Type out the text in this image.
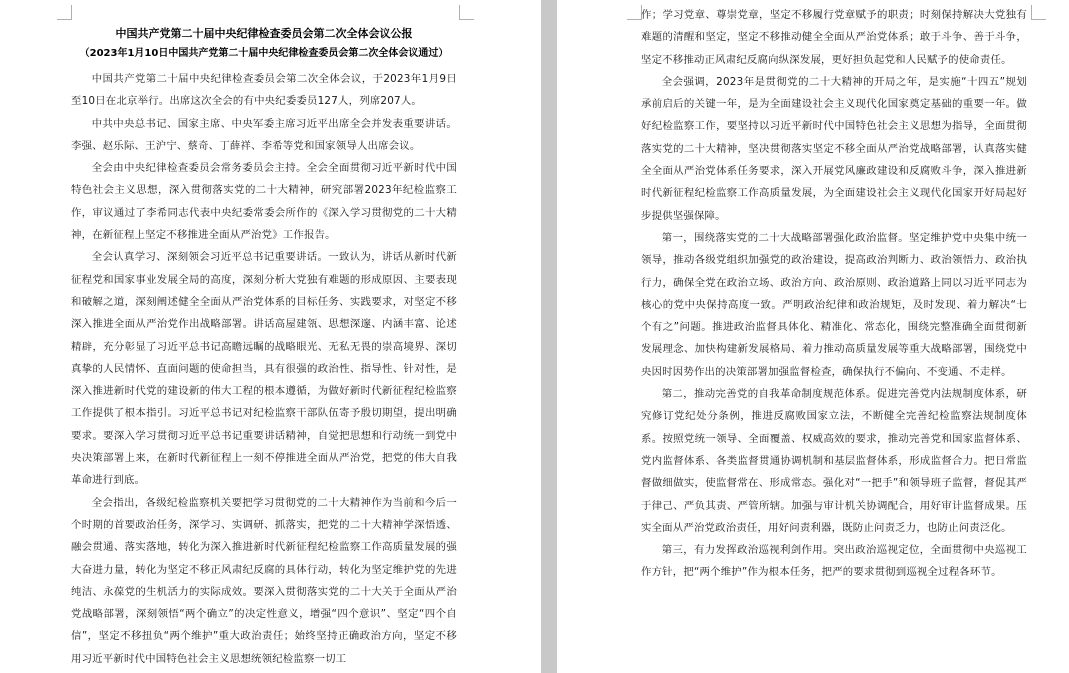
中国共产党第二十届中央纪律检查委员会第二次全体会议公报

（2023年1月10日中国共产党第二十届中央纪律检查委员会第二次全体会议通过）

中国共产党第二十届中央纪律检查委员会第二次全体会议，于2023年1月9日至10日在北京举行。出席这次全会的有中央纪委委员127人，列席207人。

中共中央总书记、国家主席、中央军委主席习近平出席全会并发表重要讲话。李强、赵乐际、王沪宁、蔡奇、丁薛祥、李希等党和国家领导人出席会议。

全会由中央纪律检查委员会常务委员会主持。全会全面贯彻习近平新时代中国特色社会主义思想，深入贯彻落实党的二十大精神，研究部署2023年纪检监察工作，审议通过了李希同志代表中央纪委常委会所作的《深入学习贯彻党的二十大精神，在新征程上坚定不移推进全面从严治党》工作报告。

全会认真学习、深刻领会习近平总书记重要讲话。一致认为，讲话从新时代新征程党和国家事业发展全局的高度，深刻分析大党独有难题的形成原因、主要表现和破解之道，深刻阐述健全全面从严治党体系的目标任务、实践要求，对坚定不移深入推进全面从严治党作出战略部署。讲话高屋建瓴、思想深邃、内涵丰富、论述精辟，充分彰显了习近平总书记高瞻远瞩的战略眼光、无私无畏的崇高境界、深切真挚的人民情怀、直面问题的使命担当，具有很强的政治性、指导性、针对性，是深入推进新时代党的建设新的伟大工程的根本遵循，为做好新时代新征程纪检监察工作提供了根本指引。习近平总书记对纪检监察干部队伍寄予殷切期望，提出明确要求。要深入学习贯彻习近平总书记重要讲话精神，自觉把思想和行动统一到党中央决策部署上来，在新时代新征程上一刻不停推进全面从严治党，把党的伟大自我革命进行到底。

全会指出，各级纪检监察机关要把学习贯彻党的二十大精神作为当前和今后一个时期的首要政治任务，深学习、实调研、抓落实，把党的二十大精神学深悟透、融会贯通、落实落地，转化为深入推进新时代新征程纪检监察工作高质量发展的强大奋进力量，转化为坚定不移正风肃纪反腐的具体行动，转化为坚定维护党的先进纯洁、永葆党的生机活力的实际成效。要深入贯彻落实党的二十大关于全面从严治党战略部署，深刻领悟“两个确立”的决定性意义，增强“四个意识”、坚定“四个自信”，坚定不移扭负“两个维护”重大政治责任；始终坚持正确政治方向，坚定不移用习近平新时代中国特色社会主义思想统领纪检监察一切工

作；学习党章、尊崇党章，坚定不移履行党章赋予的职责；时刻保持解决大党独有难题的清醒和坚定，坚定不移推动健全全面从严治党体系；敢于斗争、善于斗争，坚定不移推动正风肃纪反腐向纵深发展，更好担负起党和人民赋予的使命责任。

全会强调，2023年是贯彻党的二十大精神的开局之年，是实施“十四五”规划承前启后的关键一年，是为全面建设社会主义现代化国家奠定基础的重要一年。做好纪检监察工作，要坚持以习近平新时代中国特色社会主义思想为指导，全面贯彻落实党的二十大精神，坚决贯彻落实坚定不移全面从严治党战略部署，认真落实健全全面从严治党体系任务要求，深入开展党风廉政建设和反腐败斗争，深入推进新时代新征程纪检监察工作高质量发展，为全面建设社会主义现代化国家开好局起好步提供坚强保障。

第一，围绕落实党的二十大战略部署强化政治监督。坚定维护党中央集中统一领导，推动各级党组织加强党的政治建设，提高政治判断力、政治领悟力、政治执行力，确保全党在政治立场、政治方向、政治原则、政治道路上同以习近平同志为核心的党中央保持高度一致。严明政治纪律和政治规矩，及时发现、着力解决“七个有之”问题。推进政治监督具体化、精准化、常态化，围绕完整准确全面贯彻新发展理念、加快构建新发展格局、着力推动高质量发展等重大战略部署，围绕党中央因时因势作出的决策部署加强监督检查，确保执行不偏向、不变通、不走样。

第二，推动完善党的自我革命制度规范体系。促进完善党内法规制度体系，研究修订党纪处分条例，推进反腐败国家立法，不断健全完善纪检监察法规制度体系。按照党统一领导、全面覆盖、权威高效的要求，推动完善党和国家监督体系、党内监督体系、各类监督贯通协调机制和基层监督体系，形成监督合力。把日常监督做细做实，使监督常在、形成常态。强化对“一把手”和领导班子监督，督促其严于律己、严负其责、严管所辖。加强与审计机关协调配合，用好审计监督成果。压实全面从严治党政治责任，用好问责利器，既防止问责乏力，也防止问责泛化。

第三，有力发挥政治巡视利剑作用。突出政治巡视定位，全面贯彻中央巡视工作方针，把“两个维护”作为根本任务，把严的要求贯彻到巡视全过程各环节。
